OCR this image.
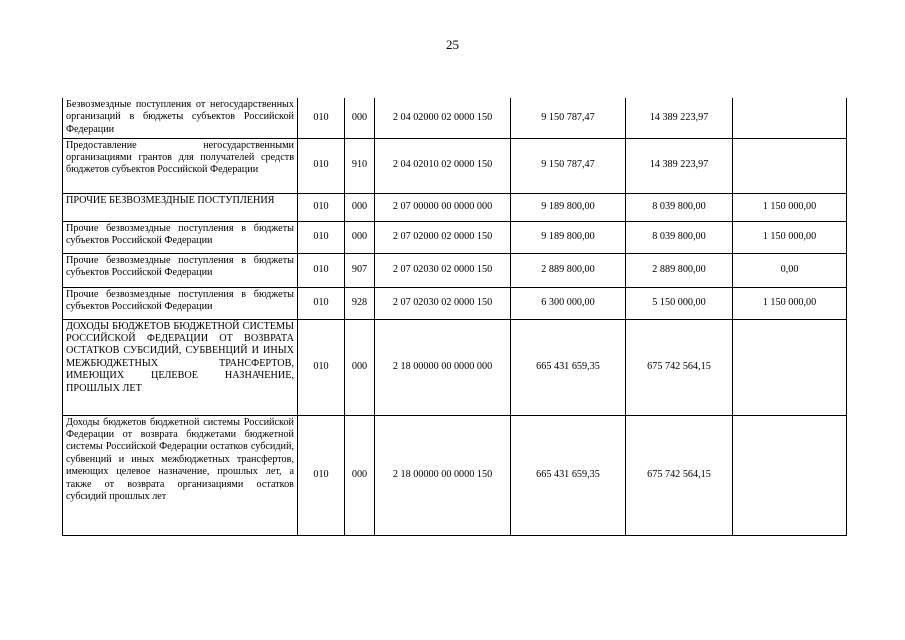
25
Безвозмездные поступления от негосударственных организаций в бюджеты субъектов Российской Федерации	010	000	2 04 02000 02 0000 150	9 150 787,47	14 389 223,97	
Предоставление негосударственными организациями грантов для получателей средств бюджетов субъектов Российской Федерации	010	910	2 04 02010 02 0000 150	9 150 787,47	14 389 223,97	
ПРОЧИЕ БЕЗВОЗМЕЗДНЫЕ ПОСТУПЛЕНИЯ	010	000	2 07 00000 00 0000 000	9 189 800,00	8 039 800,00	1 150 000,00
Прочие безвозмездные поступления в бюджеты субъектов Российской Федерации	010	000	2 07 02000 02 0000 150	9 189 800,00	8 039 800,00	1 150 000,00
Прочие безвозмездные поступления в бюджеты субъектов Российской Федерации	010	907	2 07 02030 02 0000 150	2 889 800,00	2 889 800,00	0,00
Прочие безвозмездные поступления в бюджеты субъектов Российской Федерации	010	928	2 07 02030 02 0000 150	6 300 000,00	5 150 000,00	1 150 000,00
ДОХОДЫ БЮДЖЕТОВ БЮДЖЕТНОЙ СИСТЕМЫ РОССИЙСКОЙ ФЕДЕРАЦИИ ОТ ВОЗВРАТА ОСТАТКОВ СУБСИДИЙ, СУБВЕНЦИЙ И ИНЫХ МЕЖБЮДЖЕТНЫХ ТРАНСФЕРТОВ, ИМЕЮЩИХ ЦЕЛЕВОЕ НАЗНАЧЕНИЕ, ПРОШЛЫХ ЛЕТ	010	000	2 18 00000 00 0000 000	665 431 659,35	675 742 564,15	
Доходы бюджетов бюджетной системы Российской Федерации от возврата бюджетами бюджетной системы Российской Федерации остатков субсидий, субвенций и иных межбюджетных трансфертов, имеющих целевое назначение, прошлых лет, а также от возврата организациями остатков субсидий прошлых лет	010	000	2 18 00000 00 0000 150	665 431 659,35	675 742 564,15	
